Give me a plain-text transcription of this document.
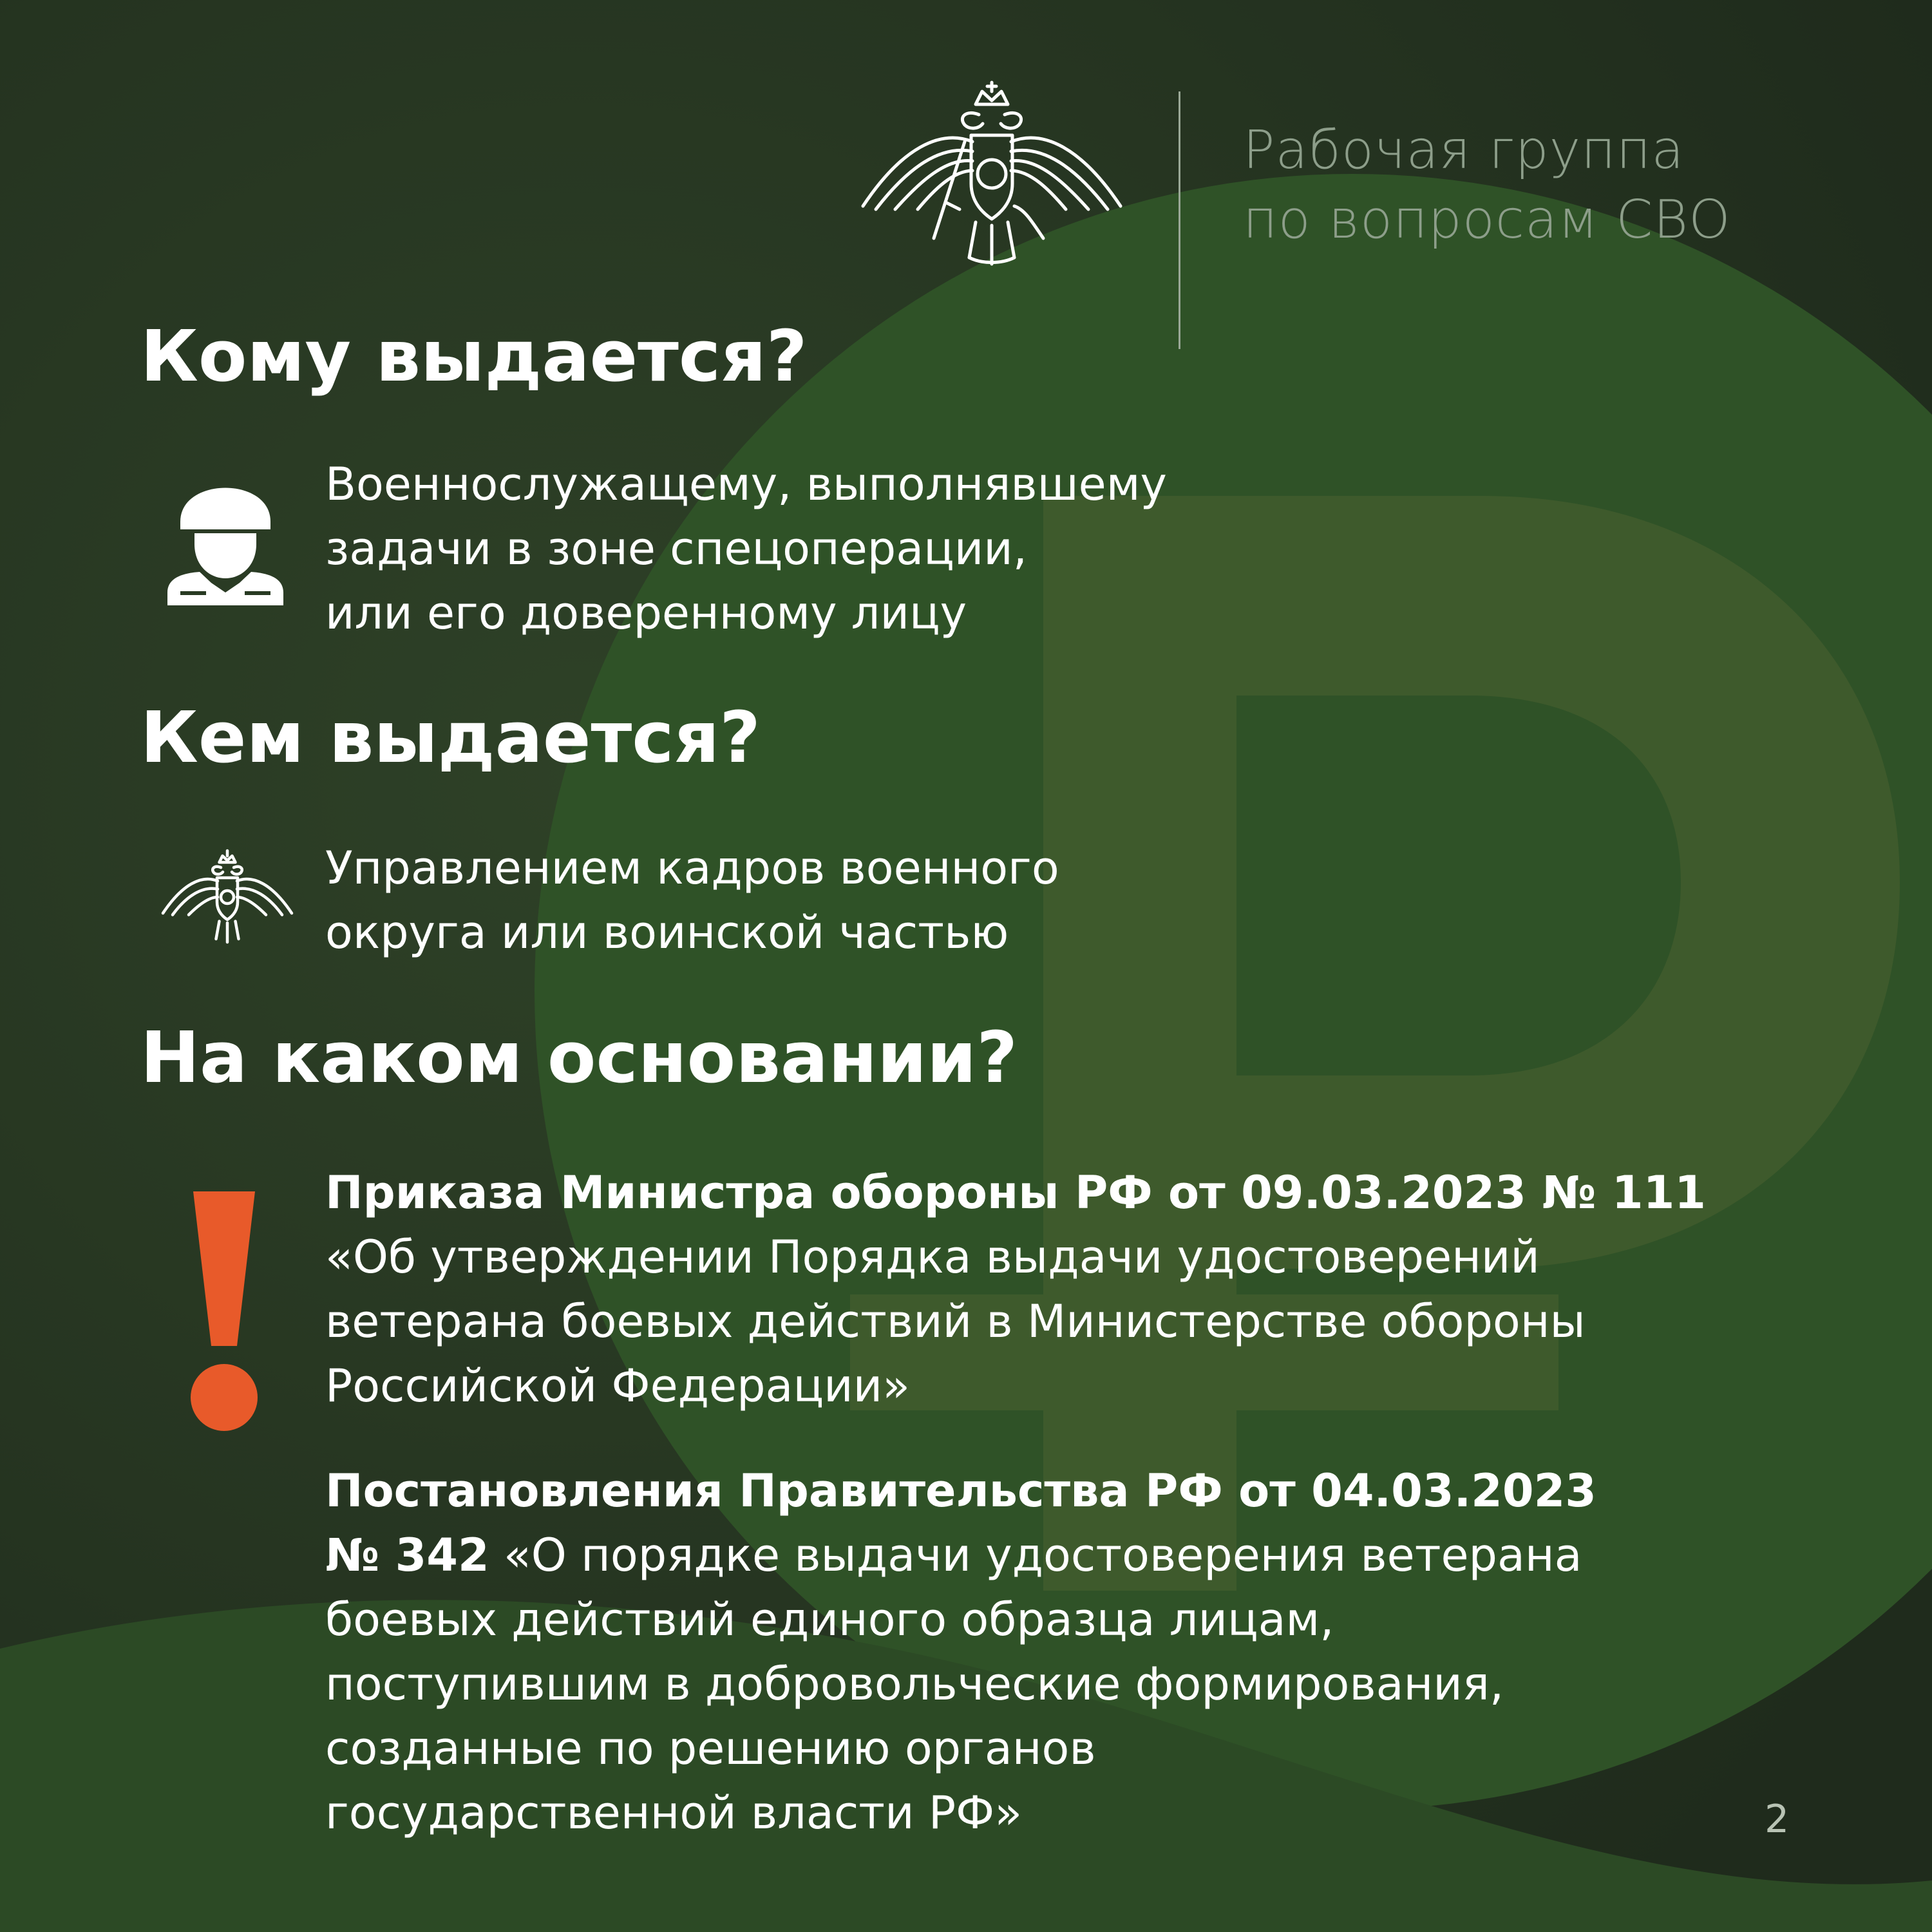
Рабочая группа
по вопросам СВО
Кому выдается?
Военнослужащему, выполнявшему
задачи в зоне спецоперации,
или его доверенному лицу
Кем выдается?
Управлением кадров военного
округа или воинской частью
На каком основании?
Приказа Министра обороны РФ от 09.03.2023 № 111
«Об утверждении Порядка выдачи удостоверений
ветерана боевых действий в Министерстве обороны
Российской Федерации»
Постановления Правительства РФ от 04.03.2023
№ 342 «О порядке выдачи удостоверения ветерана
боевых действий единого образца лицам,
поступившим в добровольческие формирования,
созданные по решению органов
государственной власти РФ»	2
